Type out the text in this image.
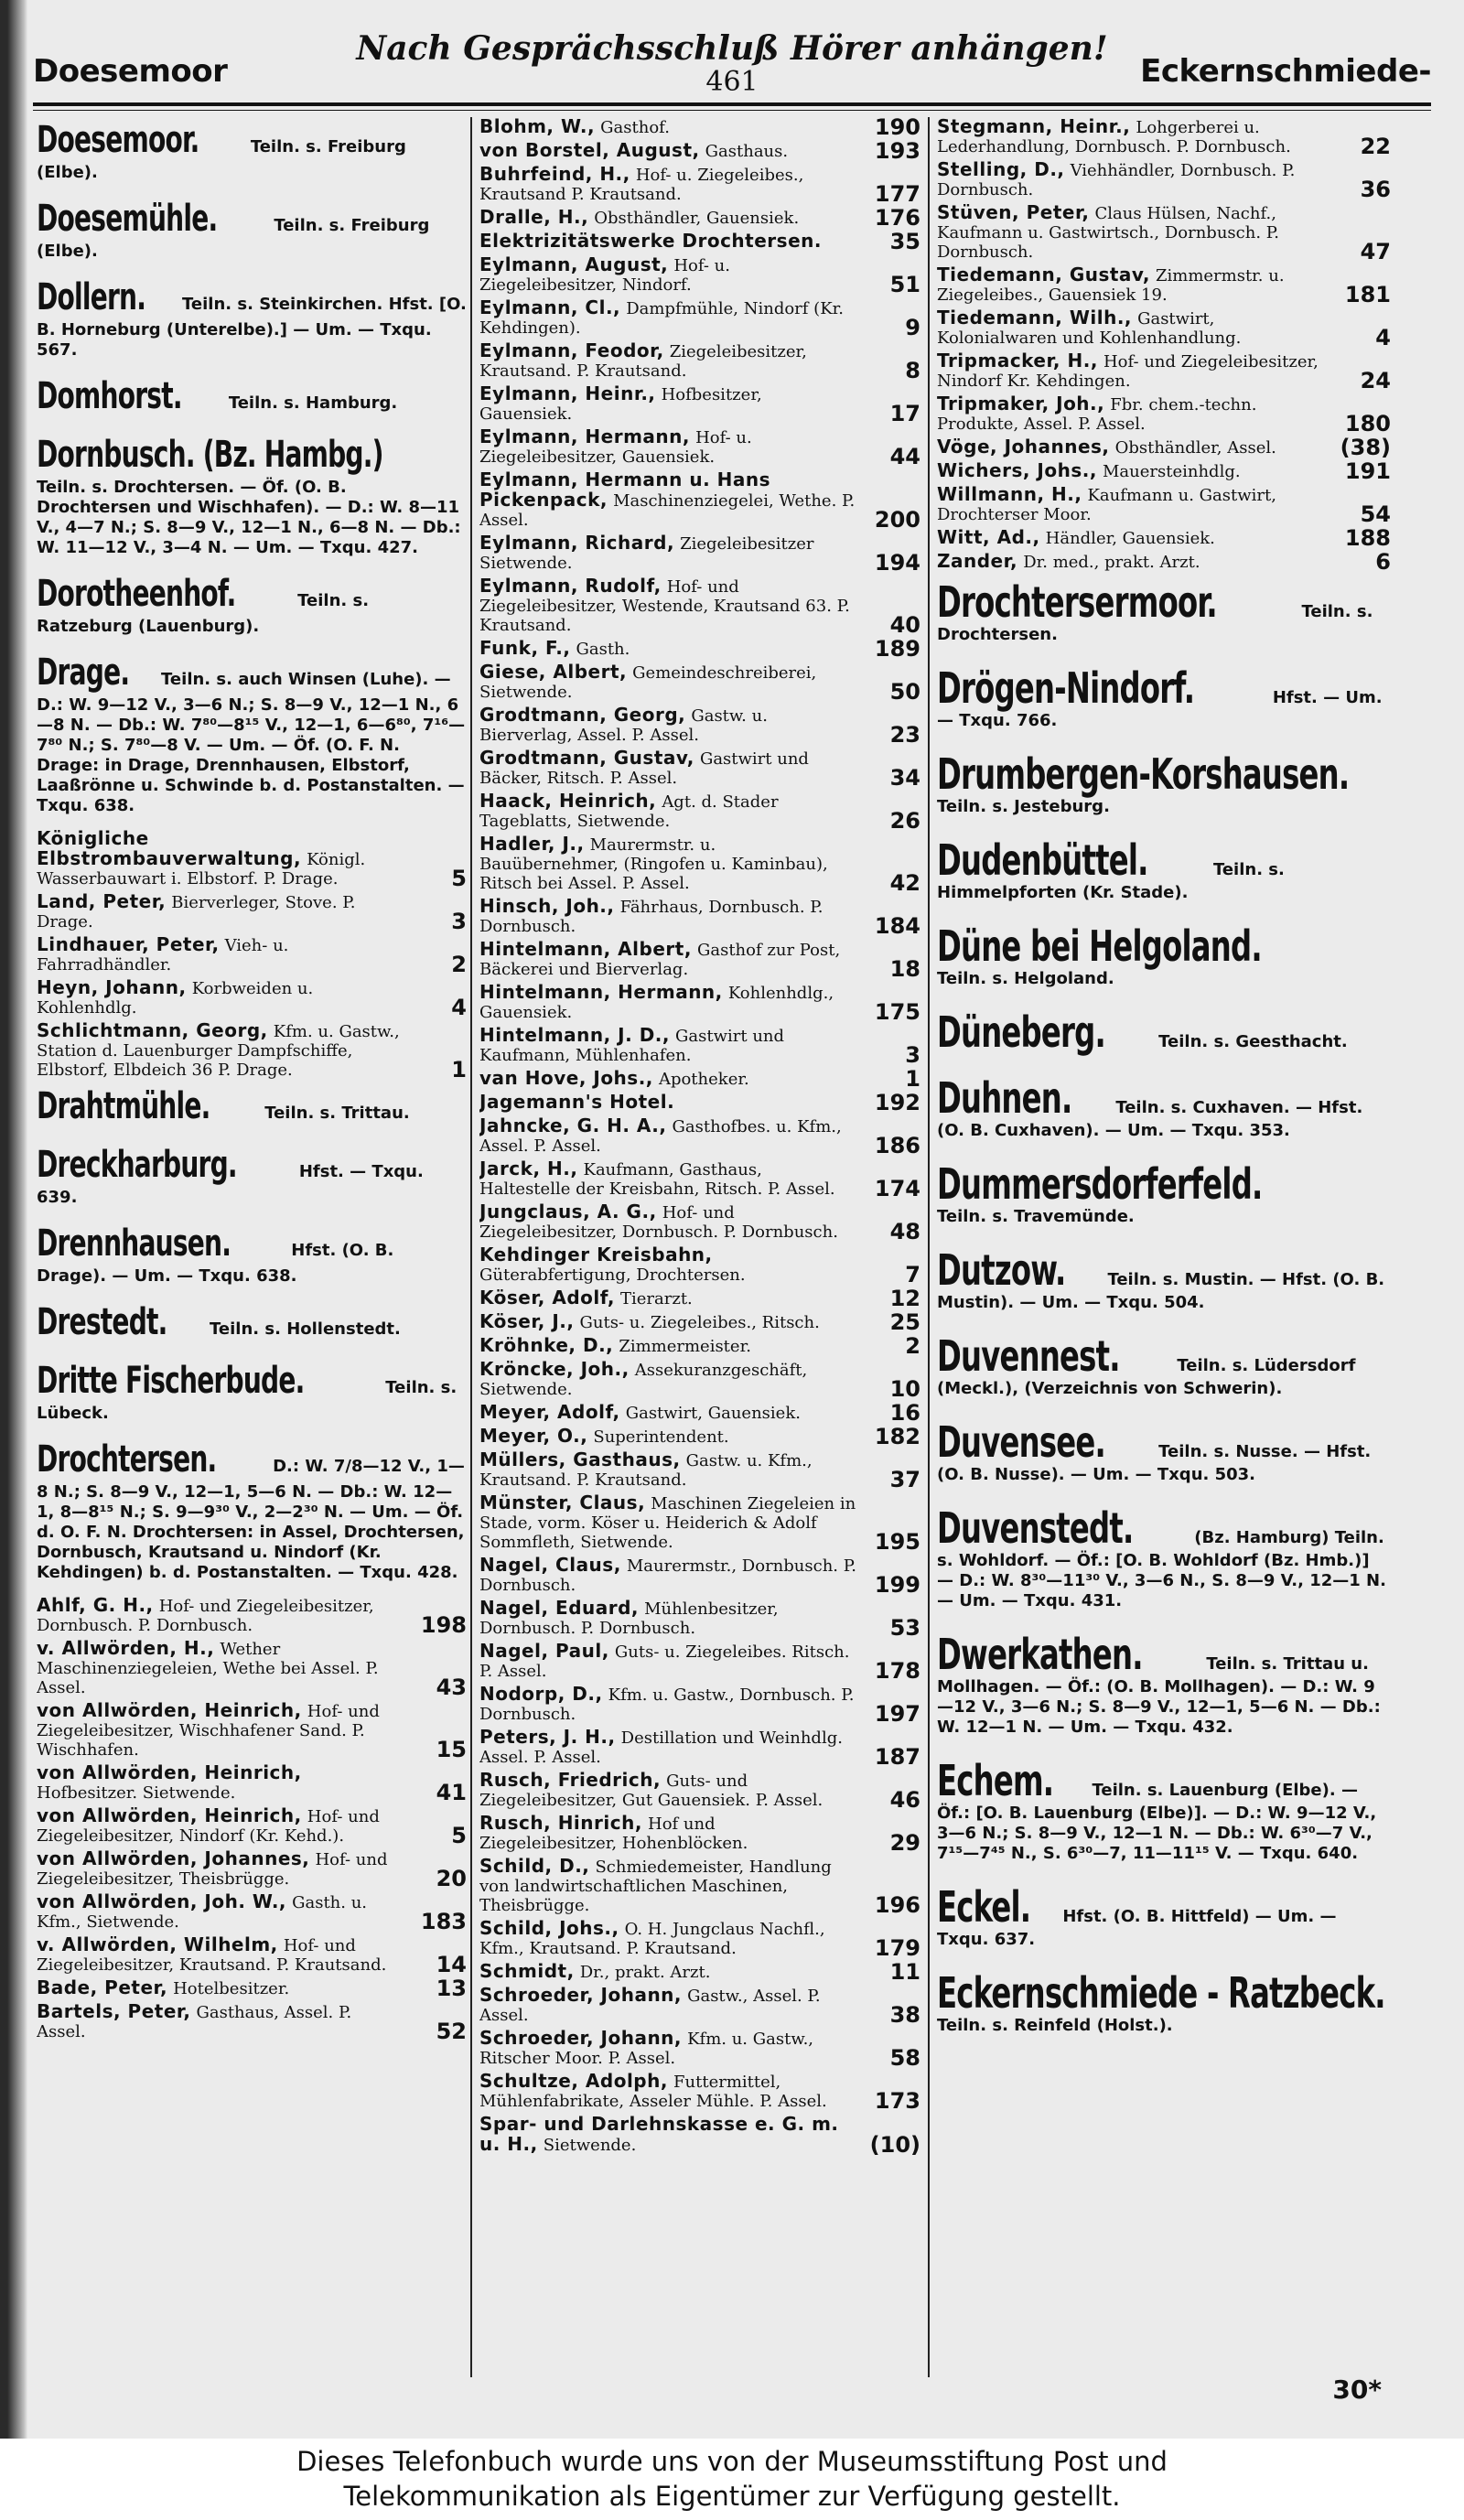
Doesemoor
Nach Gesprächsschluß Hörer anhängen!
461	Eckernschmiede-
Doesemoor.	Teiln. s. Freiburg (Elbe).
Doesemühle.	Teiln. s. Freiburg (Elbe).
Dollern. Teiln. s. Steinkirchen. Hfst. [O. B. Horneburg (Unterelbe).] — Um. — Txqu. 567.
Domhorst.	Teiln. s. Hamburg.
Dornbusch. (Bz. Hambg.) Teiln. s. Drochtersen. — Öf. (O. B. Drochtersen und Wischhafen). — D.: W. 8—11 V., 4—7 N.; S. 8—9 V., 12—1 N., 6—8 N. — Db.: W. 11—12 V., 3—4 N. — Um. — Txqu. 427.
Dorotheenhof.	Teiln. s. Ratzeburg (Lauenburg).
Drage. Teiln. s. auch Winsen (Luhe). — D.: W. 9—12 V., 3—6 N.; S. 8—9 V., 12—1 N., 6—8 N. — Db.: W. 7⁸⁰—8¹⁵ V., 12—1, 6—6⁸⁰, 7¹⁶—7⁸⁰ N.; S. 7⁸⁰—8 V. — Um. — Öf. (O. F. N. Drage: in Drage, Drennhausen, Elbstorf, Laaßrönne u. Schwinde b. d. Postanstalten. — Txqu. 638.
Königliche Elbstrombauverwaltung, Königl. Wasserbauwart i. Elbstorf. P. Drage.	5
Land, Peter, Bierverleger, Stove. P. Drage.	3
Lindhauer, Peter, Vieh- u. Fahrradhändler.	2
Heyn, Johann, Korbweiden u. Kohlenhdlg.	4
Schlichtmann, Georg, Kfm. u. Gastw., Station d. Lauenburger Dampfschiffe, Elbstorf, Elbdeich 36 P. Drage.	1
Drahtmühle.	Teiln. s. Trittau.
Dreckharburg.	Hfst. — Txqu. 639.
Drennhausen.	Hfst. (O. B. Drage). — Um. — Txqu. 638.
Drestedt.	Teiln. s. Hollenstedt.
Dritte Fischerbude.	Teiln. s. Lübeck.
Drochtersen.	D.: W. 7/8—12 V., 1—8 N.; S. 8—9 V., 12—1, 5—6 N. — Db.: W. 12—1, 8—8¹⁵ N.; S. 9—9³⁰ V., 2—2³⁰ N. — Um. — Öf. d. O. F. N. Drochtersen: in Assel, Drochtersen, Dornbusch, Krautsand u. Nindorf (Kr. Kehdingen) b. d. Postanstalten. — Txqu. 428.
Ahlf, G. H., Hof- und Ziegeleibesitzer, Dornbusch. P. Dornbusch.	198
v. Allwörden, H., Wether Maschinenziegeleien, Wethe bei Assel. P. Assel.	43
von Allwörden, Heinrich, Hof- und Ziegeleibesitzer, Wischhafener Sand. P. Wischhafen.	15
von Allwörden, Heinrich, Hofbesitzer. Sietwende.	41
von Allwörden, Heinrich, Hof- und Ziegeleibesitzer, Nindorf (Kr. Kehd.).	5
von Allwörden, Johannes, Hof- und Ziegeleibesitzer, Theisbrügge.	20
von Allwörden, Joh. W., Gasth. u. Kfm., Sietwende.	183
v. Allwörden, Wilhelm, Hof- und Ziegeleibesitzer, Krautsand. P. Krautsand. 14
Bade, Peter, Hotelbesitzer.	13
Bartels, Peter, Gasthaus, Assel. P. Assel.	52
Blohm, W., Gasthof.	190
von Borstel, August, Gasthaus.	193
Buhrfeind, H., Hof- u. Ziegeleibes., Krautsand P. Krautsand.	177
Dralle, H., Obsthändler, Gauensiek.	176
Elektrizitätswerke Drochtersen.	35
Eylmann, August, Hof- u. Ziegeleibesitzer, Nindorf.	51
Eylmann, Cl., Dampfmühle, Nindorf (Kr. Kehdingen).	9
Eylmann, Feodor, Ziegeleibesitzer, Krautsand. P. Krautsand.	8
Eylmann, Heinr., Hofbesitzer, Gauensiek.	17
Eylmann, Hermann, Hof- u. Ziegeleibesitzer, Gauensiek.	44
Eylmann, Hermann u. Hans Pickenpack, Maschinenziegelei, Wethe. P. Assel.	200
Eylmann, Richard, Ziegeleibesitzer Sietwende.	194
Eylmann, Rudolf, Hof- und Ziegeleibesitzer, Westende, Krautsand 63. P. Krautsand.	40
Funk, F., Gasth.	189
Giese, Albert, Gemeindeschreiberei, Sietwende.	50
Grodtmann, Georg, Gastw. u. Bierverlag, Assel. P. Assel.	23
Grodtmann, Gustav, Gastwirt und Bäcker, Ritsch. P. Assel.	34
Haack, Heinrich, Agt. d. Stader Tageblatts, Sietwende.	26
Hadler, J., Maurermstr. u. Bauübernehmer, (Ringofen u. Kaminbau), Ritsch bei Assel. P. Assel.	42
Hinsch, Joh., Fährhaus, Dornbusch. P. Dornbusch.	184
Hintelmann, Albert, Gasthof zur Post, Bäckerei und Bierverlag.	18
Hintelmann, Hermann, Kohlenhdlg., Gauensiek.	175
Hintelmann, J. D., Gastwirt und Kaufmann, Mühlenhafen.	3
van Hove, Johs., Apotheker.	1
Jagemann's Hotel.	192
Jahncke, G. H. A., Gasthofbes. u. Kfm., Assel. P. Assel.	186
Jarck, H., Kaufmann, Gasthaus, Haltestelle der Kreisbahn, Ritsch. P. Assel. 174
Jungclaus, A. G., Hof- und Ziegeleibesitzer, Dornbusch. P. Dornbusch. 48
Kehdinger Kreisbahn, Güterabfertigung, Drochtersen.	7
Köser, Adolf, Tierarzt.	12
Köser, J., Guts- u. Ziegeleibes., Ritsch.	25
Kröhnke, D., Zimmermeister.	2
Kröncke, Joh., Assekuranzgeschäft, Sietwende.	10
Meyer, Adolf, Gastwirt, Gauensiek.	16
Meyer, O., Superintendent.	182
Müllers, Gasthaus, Gastw. u. Kfm., Krautsand. P. Krautsand.	37
Münster, Claus, Maschinen Ziegeleien in Stade, vorm. Köser u. Heiderich & Adolf Sommfleth, Sietwende.	195
Nagel, Claus, Maurermstr., Dornbusch. P. Dornbusch.	199
Nagel, Eduard, Mühlenbesitzer, Dornbusch. P. Dornbusch.	53
Nagel, Paul, Guts- u. Ziegeleibes. Ritsch. P. Assel.	178
Nodorp, D., Kfm. u. Gastw., Dornbusch. P. Dornbusch.	197
Peters, J. H., Destillation und Weinhdlg. Assel. P. Assel.	187
Rusch, Friedrich, Guts- und Ziegeleibesitzer, Gut Gauensiek. P. Assel.	46
Rusch, Hinrich, Hof und Ziegeleibesitzer, Hohenblöcken.	29
Schild, D., Schmiedemeister, Handlung von landwirtschaftlichen Maschinen, Theisbrügge.	196
Schild, Johs., O. H. Jungclaus Nachfl., Kfm., Krautsand. P. Krautsand.	179
Schmidt, Dr., prakt. Arzt.	11
Schroeder, Johann, Gastw., Assel. P. Assel.	38
Schroeder, Johann, Kfm. u. Gastw., Ritscher Moor. P. Assel.	58
Schultze, Adolph, Futtermittel, Mühlenfabrikate, Asseler Mühle. P. Assel. 173
Spar- und Darlehnskasse e. G. m. u. H., Sietwende.	(10)
Stegmann, Heinr., Lohgerberei u. Lederhandlung, Dornbusch. P. Dornbusch.	22
Stelling, D., Viehhändler, Dornbusch. P. Dornbusch.	36
Stüven, Peter, Claus Hülsen, Nachf., Kaufmann u. Gastwirtsch., Dornbusch. P. Dornbusch.	47
Tiedemann, Gustav, Zimmermstr. u. Ziegeleibes., Gauensiek 19.	181
Tiedemann, Wilh., Gastwirt, Kolonialwaren und Kohlenhandlung.	4
Tripmacker, H., Hof- und Ziegeleibesitzer, Nindorf Kr. Kehdingen.	24
Tripmaker, Joh., Fbr. chem.-techn. Produkte, Assel. P. Assel.	180
Vöge, Johannes, Obsthändler, Assel.	(38)
Wichers, Johs., Mauersteinhdlg.	191
Willmann, H., Kaufmann u. Gastwirt, Drochterser Moor.	54
Witt, Ad., Händler, Gauensiek.	188
Zander, Dr. med., prakt. Arzt.	6
Drochtersermoor.	Teiln. s. Drochtersen.
Drögen-Nindorf.	Hfst. — Um. — Txqu. 766.
Drumbergen-Korshausen. Teiln. s. Jesteburg.
Dudenbüttel.	Teiln. s. Himmelpforten (Kr. Stade).
Düne bei Helgoland. Teiln. s. Helgoland.
Düneberg.	Teiln. s. Geesthacht.
Duhnen.	Teiln. s. Cuxhaven. — Hfst. (O. B. Cuxhaven). — Um. — Txqu. 353.
Dummersdorferfeld. Teiln. s. Travemünde.
Dutzow.	Teiln. s. Mustin. — Hfst. (O. B. Mustin). — Um. — Txqu. 504.
Duvennest.	Teiln. s. Lüdersdorf (Meckl.), (Verzeichnis von Schwerin).
Duvensee.	Teiln. s. Nusse. — Hfst. (O. B. Nusse). — Um. — Txqu. 503.
Duvenstedt.	(Bz. Hamburg) Teiln. s. Wohldorf. — Öf.: [O. B. Wohldorf (Bz. Hmb.)] — D.: W. 8³⁰—11³⁰ V., 3—6 N., S. 8—9 V., 12—1 N. — Um. — Txqu. 431.
Dwerkathen.	Teiln. s. Trittau u. Mollhagen. — Öf.: (O. B. Mollhagen). — D.: W. 9—12 V., 3—6 N.; S. 8—9 V., 12—1, 5—6 N. — Db.: W. 12—1 N. — Um. — Txqu. 432.
Echem. Teiln. s. Lauenburg (Elbe). — Öf.: [O. B. Lauenburg (Elbe)]. — D.: W. 9—12 V., 3—6 N.; S. 8—9 V., 12—1 N. — Db.: W. 6³⁰—7 V., 7¹⁵—7⁴⁵ N., S. 6³⁰—7, 11—11¹⁵ V. — Txqu. 640.
Eckel. Hfst. (O. B. Hittfeld) — Um. — Txqu. 637.
Eckernschmiede - Ratzbeck. Teiln. s. Reinfeld (Holst.).
30*
Dieses Telefonbuch wurde uns von der Museumsstiftung Post und
Telekommunikation als Eigentümer zur Verfügung gestellt.
